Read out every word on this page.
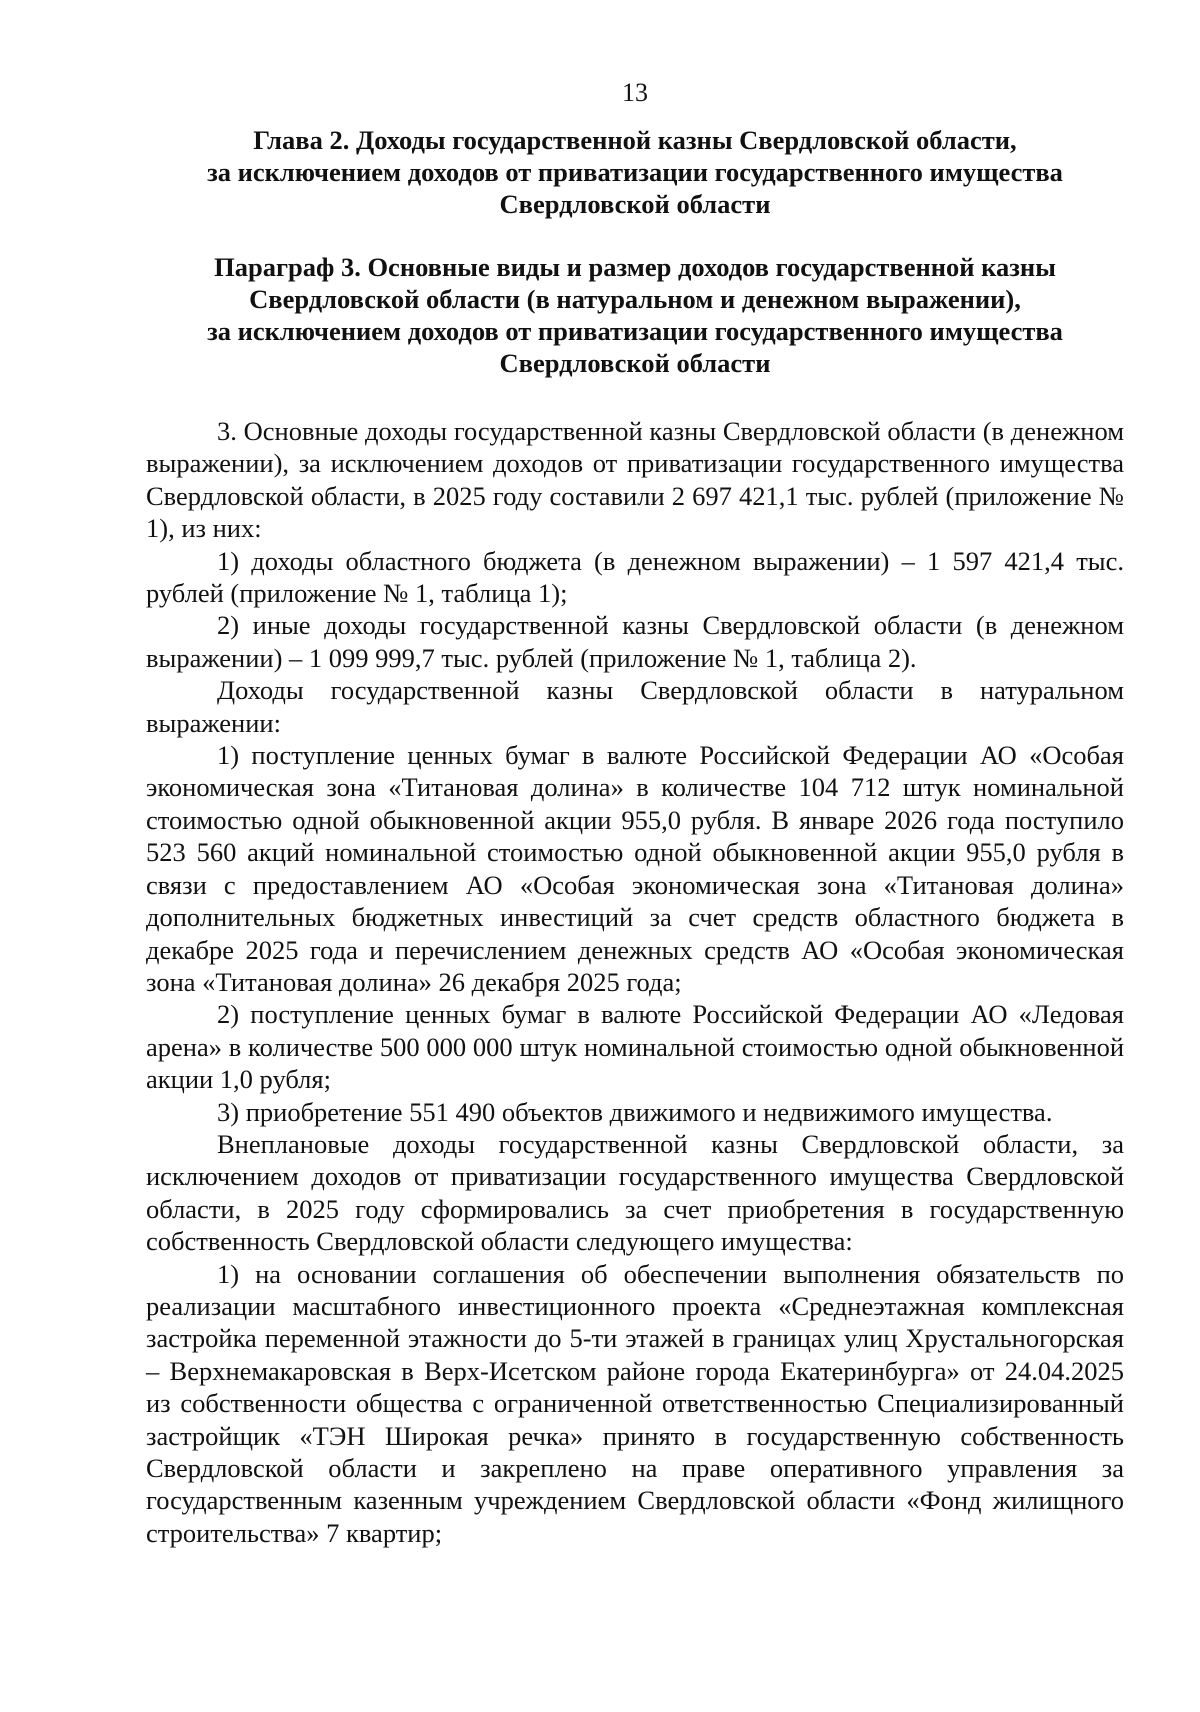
13
Глава 2. Доходы государственной казны Свердловской области,
за исключением доходов от приватизации государственного имущества
Свердловской области
Параграф 3. Основные виды и размер доходов государственной казны
Свердловской области (в натуральном и денежном выражении),
за исключением доходов от приватизации государственного имущества
Свердловской области

3. Основные доходы государственной казны Свердловской области (в денежном выражении), за исключением доходов от приватизации государственного имущества Свердловской области, в 2025 году составили 2 697 421,1 тыс. рублей (приложение № 1), из них:

1) доходы областного бюджета (в денежном выражении) – 1 597 421,4 тыс. рублей (приложение № 1, таблица 1);

2) иные доходы государственной казны Свердловской области (в денежном выражении) – 1 099 999,7 тыс. рублей (приложение № 1, таблица 2).

Доходы государственной казны Свердловской области в натуральном выражении:

1) поступление ценных бумаг в валюте Российской Федерации АО «Особая экономическая зона «Титановая долина» в количестве 104 712 штук номинальной стоимостью одной обыкновенной акции 955,0 рубля. В январе 2026 года поступило 523 560 акций номинальной стоимостью одной обыкновенной акции 955,0 рубля в связи с предоставлением АО «Особая экономическая зона «Титановая долина» дополнительных бюджетных инвестиций за счет средств областного бюджета в декабре 2025 года и перечислением денежных средств АО «Особая экономическая зона «Титановая долина» 26 декабря 2025 года;

2) поступление ценных бумаг в валюте Российской Федерации АО «Ледовая арена» в количестве 500 000 000 штук номинальной стоимостью одной обыкновенной акции 1,0 рубля;

3) приобретение 551 490 объектов движимого и недвижимого имущества.

Внеплановые доходы государственной казны Свердловской области, за исключением доходов от приватизации государственного имущества Свердловской области, в 2025 году сформировались за счет приобретения в государственную собственность Свердловской области следующего имущества:

1) на основании соглашения об обеспечении выполнения обязательств по реализации масштабного инвестиционного проекта «Среднеэтажная комплексная застройка переменной этажности до 5-ти этажей в границах улиц Хрустальногорская – Верхнемакаровская в Верх-Исетском районе города Екатеринбурга» от 24.04.2025 из собственности общества с ограниченной ответственностью Специализированный застройщик «ТЭН Широкая речка» принято в государственную собственность Свердловской области и закреплено на праве оперативного управления за государственным казенным учреждением Свердловской области «Фонд жилищного строительства» 7 квартир;
